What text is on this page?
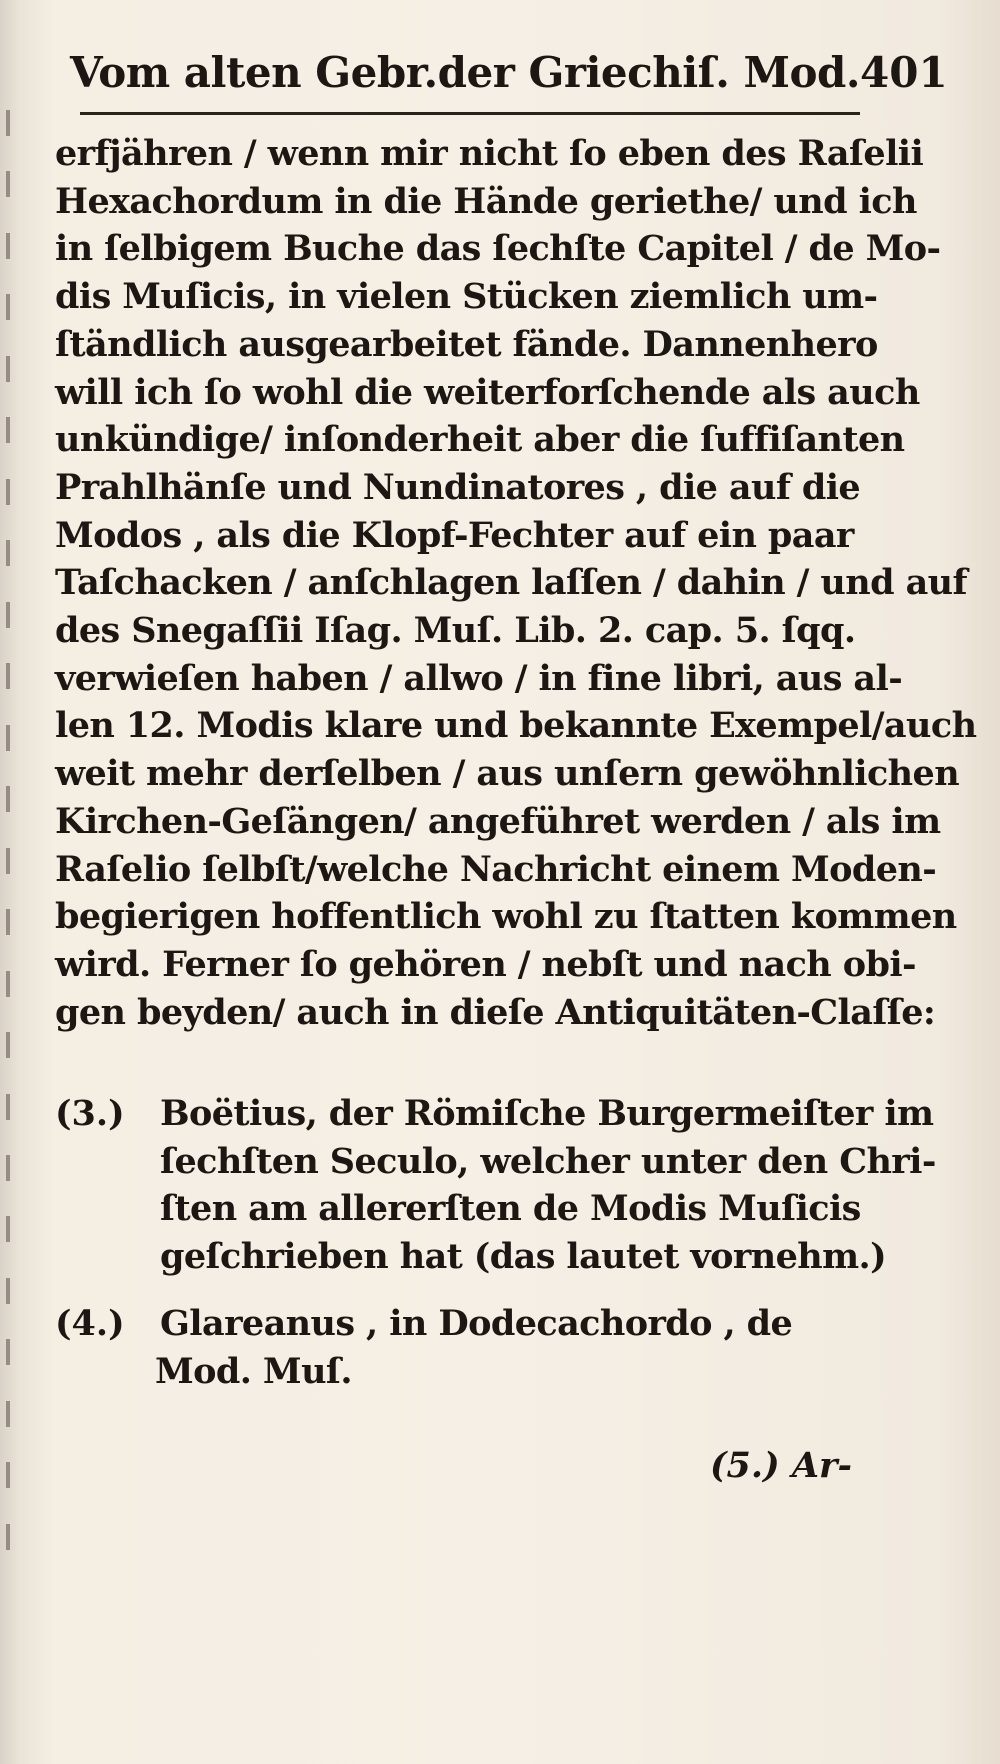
Vom alten Gebr.der Griechiſ. Mod. 401
erfjähren / wenn mir nicht ſo eben des Raſelii
Hexachordum in die Hände geriethe/ und ich
in ſelbigem Buche das ſechſte Capitel / de Mo-
dis Muſicis, in vielen Stücken ziemlich um-
ſtändlich ausgearbeitet fände. Dannenhero
will ich ſo wohl die weiterforſchende als auch
unkündige/ inſonderheit aber die ſuffiſanten
Prahlhänſe und Nundinatores , die auf die
Modos , als die Klopf-Fechter auf ein paar
Taſchacken / anſchlagen laſſen / dahin / und auf
des Snegaſſii Iſag. Muſ. Lib. 2. cap. 5. ſqq.
verwieſen haben / allwo / in fine libri, aus al-
len 12. Modis klare und bekannte Exempel/auch
weit mehr derſelben / aus unſern gewöhnlichen
Kirchen-Geſängen/ angeführet werden / als im
Raſelio ſelbſt/welche Nachricht einem Moden-
begierigen hoffentlich wohl zu ſtatten kommen
wird. Ferner ſo gehören / nebſt und nach obi-
gen beyden/ auch in dieſe Antiquitäten-Claſſe:
(3.)	Boëtius, der Römiſche Burgermeiſter im
ſechſten Seculo, welcher unter den Chri-
ſten am allererſten de Modis Muſicis
geſchrieben hat (das lautet vornehm.)
(4.)	Glareanus , in Dodecachordo , de
Mod. Muſ.
(5.) Ar-
